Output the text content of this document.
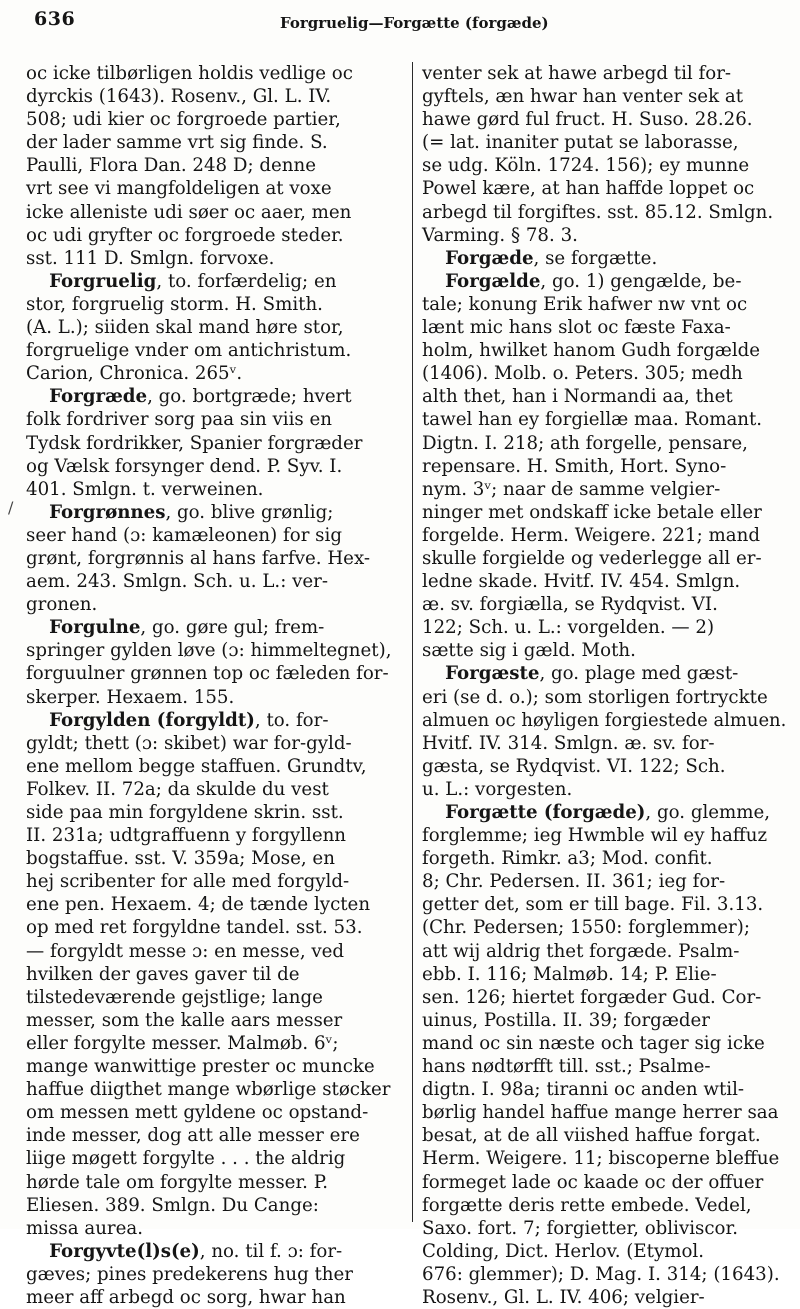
636	Forgruelig—Forgætte (forgæde)
/
oc icke tilbørligen holdis vedlige oc
dyrckis (1643). Rosenv., Gl. L. IV.
508; udi kier oc forgroede partier,
der lader samme vrt sig finde. S.
Paulli, Flora Dan. 248 D; denne
vrt see vi mangfoldeligen at voxe
icke alleniste udi søer oc aaer, men
oc udi gryfter oc forgroede steder.
sst. 111 D. Smlgn. forvoxe.
Forgruelig, to. forfærdelig; en
stor, forgruelig storm. H. Smith.
(A. L.); siiden skal mand høre stor,
forgruelige vnder om antichristum.
Carion, Chronica. 265ᵛ.
Forgræde, go. bortgræde; hvert
folk fordriver sorg paa sin viis en
Tydsk fordrikker, Spanier forgræder
og Vælsk forsynger dend. P. Syv. I.
401. Smlgn. t. verweinen.
Forgrønnes, go. blive grønlig;
seer hand (ɔ: kamæleonen) for sig
grønt, forgrønnis al hans farfve. Hex-
aem. 243. Smlgn. Sch. u. L.: ver-
gronen.
Forgulne, go. gøre gul; frem-
springer gylden løve (ɔ: himmeltegnet),
forguulner grønnen top oc fæleden for-
skerper. Hexaem. 155.
Forgylden (forgyldt), to. for-
gyldt; thett (ɔ: skibet) war for-gyld-
ene mellom begge staffuen. Grundtv,
Folkev. II. 72a; da skulde du vest
side paa min forgyldene skrin. sst.
II. 231a; udtgraffuenn y forgyllenn
bogstaffue. sst. V. 359a; Mose, en
hej scribenter for alle med forgyld-
ene pen. Hexaem. 4; de tænde lycten
op med ret forgyldne tandel. sst. 53.
— forgyldt messe ɔ: en messe, ved
hvilken der gaves gaver til de
tilstedeværende gejstlige; lange
messer, som the kalle aars messer
eller forgylte messer. Malmøb. 6ᵛ;
mange wanwittige prester oc muncke
haffue diigthet mange wbørlige støcker
om messen mett gyldene oc opstand-
inde messer, dog att alle messer ere
liige møgett forgylte . . . the aldrig
hørde tale om forgylte messer. P.
Eliesen. 389. Smlgn. Du Cange:
missa aurea.
Forgyvte(l)s(e), no. til f. ɔ: for-
gæves; pines predekerens hug ther
meer aff arbegd oc sorg, hwar han
venter sek at hawe arbegd til for-
gyftels, æn hwar han venter sek at
hawe gørd ful fruct. H. Suso. 28.26.
(= lat. inaniter putat se laborasse,
se udg. Köln. 1724. 156); ey munne
Powel kære, at han haffde loppet oc
arbegd til forgiftes. sst. 85.12. Smlgn.
Varming. § 78. 3.
Forgæde, se forgætte.
Forgælde, go. 1) gengælde, be-
tale; konung Erik hafwer nw vnt oc
lænt mic hans slot oc fæste Faxa-
holm, hwilket hanom Gudh forgælde
(1406). Molb. o. Peters. 305; medh
alth thet, han i Normandi aa, thet
tawel han ey forgiellæ maa. Romant.
Digtn. I. 218; ath forgelle, pensare,
repensare. H. Smith, Hort. Syno-
nym. 3ᵛ; naar de samme velgier-
ninger met ondskaff icke betale eller
forgelde. Herm. Weigere. 221; mand
skulle forgielde og vederlegge all er-
ledne skade. Hvitf. IV. 454. Smlgn.
æ. sv. forgiælla, se Rydqvist. VI.
122; Sch. u. L.: vorgelden. — 2)
sætte sig i gæld. Moth.
Forgæste, go. plage med gæst-
eri (se d. o.); som storligen fortryckte
almuen oc høyligen forgiestede almuen.
Hvitf. IV. 314. Smlgn. æ. sv. for-
gæsta, se Rydqvist. VI. 122; Sch.
u. L.: vorgesten.
Forgætte (forgæde), go. glemme,
forglemme; ieg Hwmble wil ey haffuz
forgeth. Rimkr. a3; Mod. confit.
8; Chr. Pedersen. II. 361; ieg for-
getter det, som er till bage. Fil. 3.13.
(Chr. Pedersen; 1550: forglemmer);
att wij aldrig thet forgæde. Psalm-
ebb. I. 116; Malmøb. 14; P. Elie-
sen. 126; hiertet forgæder Gud. Cor-
uinus, Postilla. II. 39; forgæder
mand oc sin næste och tager sig icke
hans nødtørfft till. sst.; Psalme-
digtn. I. 98a; tiranni oc anden wtil-
børlig handel haffue mange herrer saa
besat, at de all viished haffue forgat.
Herm. Weigere. 11; biscoperne bleffue
formeget lade oc kaade oc der offuer
forgætte deris rette embede. Vedel,
Saxo. fort. 7; forgietter, obliviscor.
Colding, Dict. Herlov. (Etymol.
676: glemmer); D. Mag. I. 314; (1643).
Rosenv., Gl. L. IV. 406; velgier-
